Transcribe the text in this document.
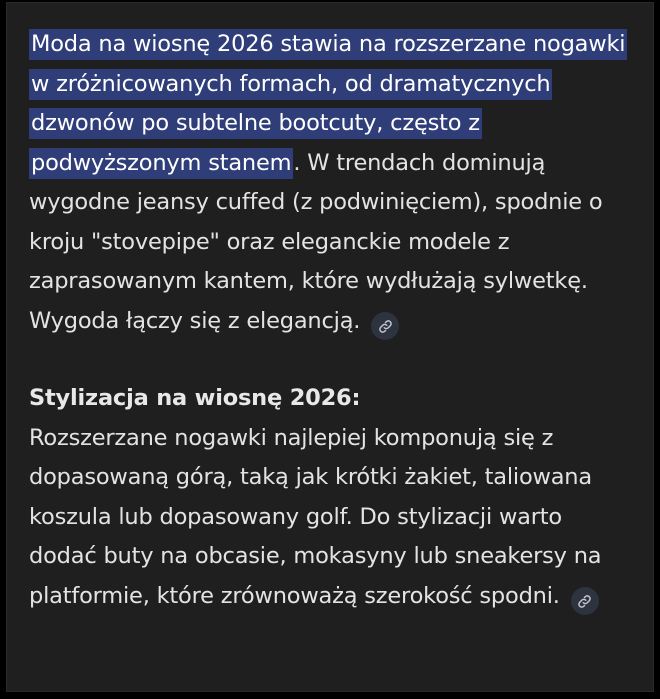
Moda na wiosnę 2026 stawia na rozszerzane nogawki w zróżnicowanych formach, od dramatycznych dzwonów po subtelne bootcuty, często z podwyższonym stanem. W trendach dominują wygodne jeansy cuffed (z podwinięciem), spodnie o kroju "stovepipe" oraz eleganckie modele z zaprasowanym kantem, które wydłużają sylwetkę. Wygoda łączy się z elegancją.

Stylizacja na wiosnę 2026:

Rozszerzane nogawki najlepiej komponują się z dopasowaną górą, taką jak krótki żakiet, taliowana koszula lub dopasowany golf. Do stylizacji warto dodać buty na obcasie, mokasyny lub sneakersy na platformie, które zrównoważą szerokość spodni.
